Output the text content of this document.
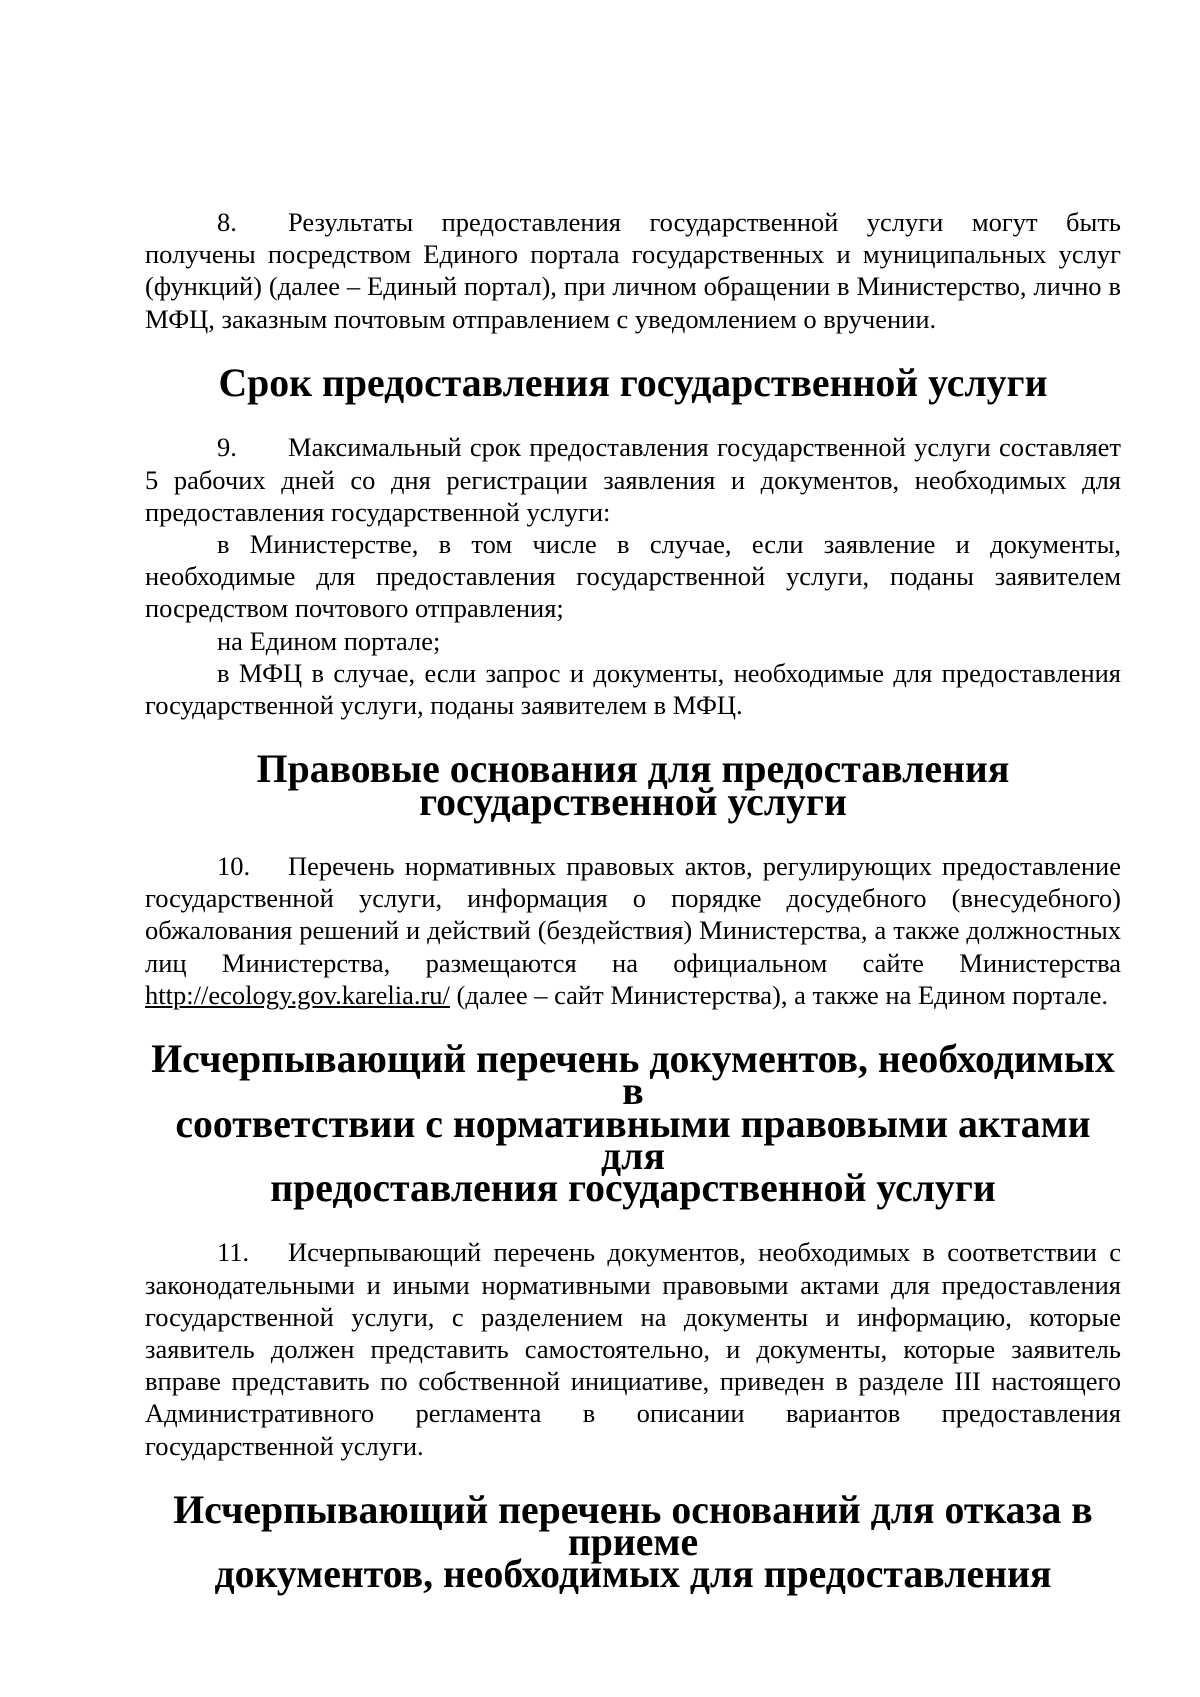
8. Результаты предоставления государственной услуги могут быть получены посредством Единого портала государственных и муниципальных услуг (функций) (далее – Единый портал), при личном обращении в Министерство, лично в МФЦ, заказным почтовым отправлением с уведомлением о вручении.

Срок предоставления государственной услуги

9. Максимальный срок предоставления государственной услуги составляет 5 рабочих дней со дня регистрации заявления и документов, необходимых для предоставления государственной услуги:

в Министерстве, в том числе в случае, если заявление и документы, необходимые для предоставления государственной услуги, поданы заявителем посредством почтового отправления;

на Едином портале;

в МФЦ в случае, если запрос и документы, необходимые для предоставления государственной услуги, поданы заявителем в МФЦ.

Правовые основания для предоставления
государственной услуги

10. Перечень нормативных правовых актов, регулирующих предоставление государственной услуги, информация о порядке досудебного (внесудебного) обжалования решений и действий (бездействия) Министерства, а также должностных лиц Министерства, размещаются на официальном сайте Министерства http://ecology.gov.karelia.ru/ (далее – сайт Министерства), а также на Едином портале.

Исчерпывающий перечень документов, необходимых в
соответствии с нормативными правовыми актами для
предоставления государственной услуги

11. Исчерпывающий перечень документов, необходимых в соответствии с законодательными и иными нормативными правовыми актами для предоставления государственной услуги, с разделением на документы и информацию, которые заявитель должен представить самостоятельно, и документы, которые заявитель вправе представить по собственной инициативе, приведен в разделе III настоящего Административного регламента в описании вариантов предоставления государственной услуги.

Исчерпывающий перечень оснований для отказа в приеме
документов, необходимых для предоставления
